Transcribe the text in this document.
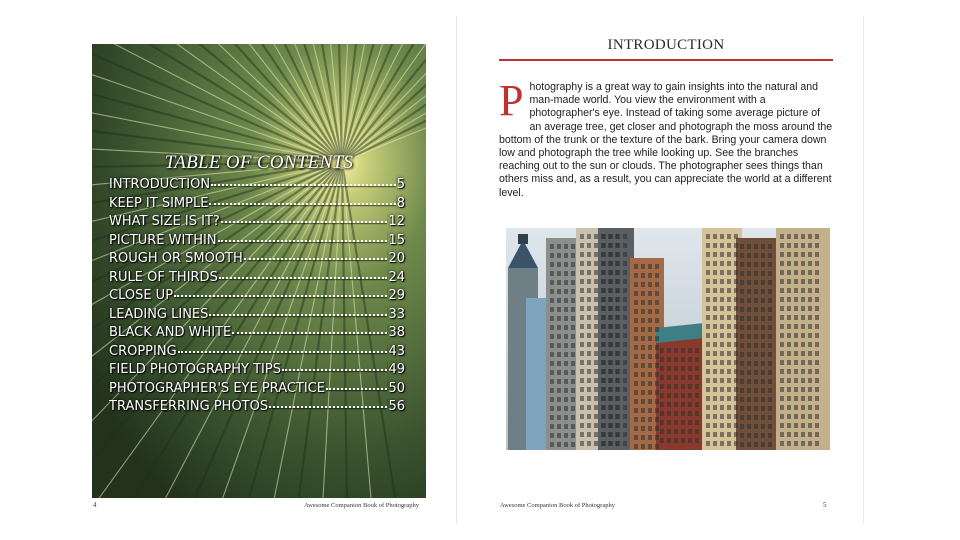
TABLE OF CONTENTS
INTRODUCTION	5
KEEP IT SIMPLE	8
WHAT SIZE IS IT?	12
PICTURE WITHIN	15
ROUGH OR SMOOTH	20
RULE OF THIRDS	24
CLOSE UP	29
LEADING LINES	33
BLACK AND WHITE	38
CROPPING	43
FIELD PHOTOGRAPHY TIPS	49
PHOTOGRAPHER'S EYE PRACTICE	50
TRANSFERRING PHOTOS	56
4	Awesome Companion Book of Photography
INTRODUCTION
Photography is a great way to gain insights into the natural and man-made world. You view the environment with a photographer's eye. Instead of taking some average picture of an average tree, get closer and photograph the moss around the bottom of the trunk or the texture of the bark. Bring your camera down low and photograph the tree while looking up. See the branches reaching out to the sun or clouds. The photographer sees things than others miss and, as a result, you can appreciate the world at a different level.
Awesome Companion Book of Photography	5
